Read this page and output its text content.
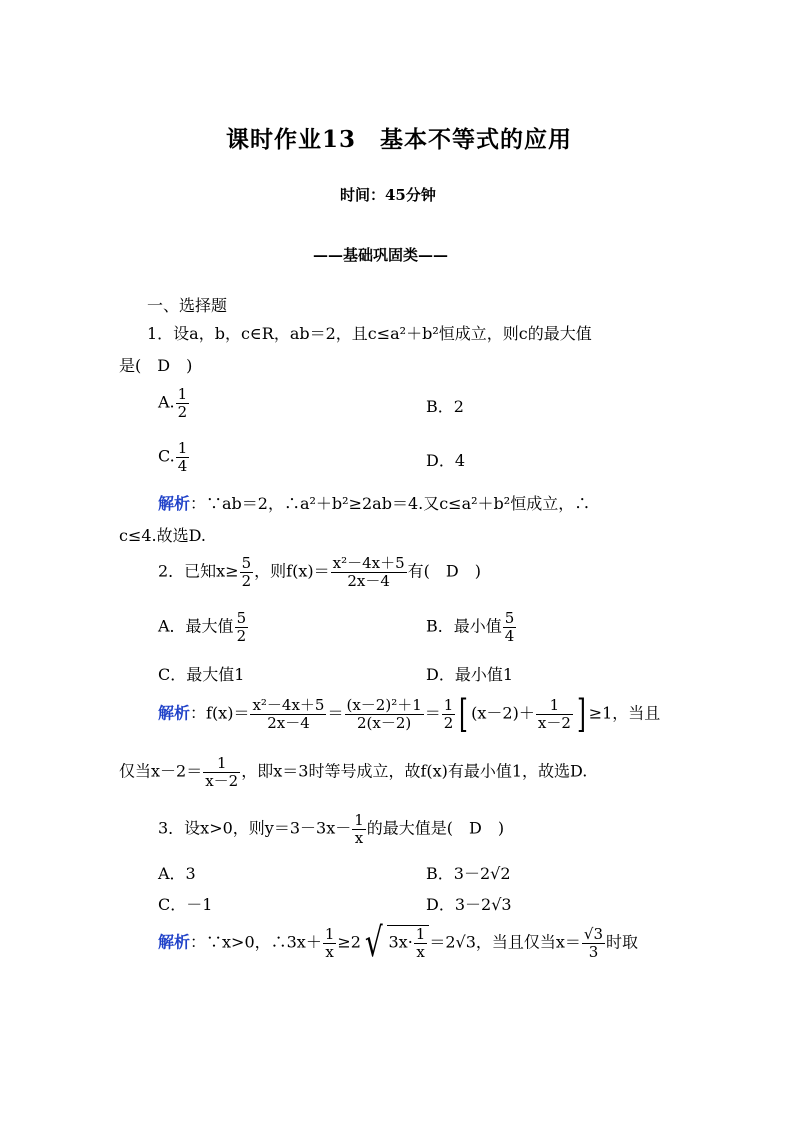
课时作业13　基本不等式的应用
时间：45分钟
——基础巩固类——
一、选择题
1．设a，b，c∈R，ab＝2，且c≤a²＋b²恒成立，则c的最大值
是(　D　)
A. $\frac{1}{2}$	B．2
C. $\frac{1}{4}$	D．4
解析：∵ab＝2，∴a²＋b²≥2ab＝4.又c≤a²＋b²恒成立，∴
c≤4.故选D.
2．已知$x\ge \frac{5}{2}$ ，则$f(x)= \frac{\text{x²－4x＋5}}{2x-4}$ 有(　D　)
A．最大值 $\frac{5}{2}$	B．最小值 $\frac{5}{4}$
C．最大值1	D．最小值1
解析：$f(x)= \frac{\text{x²－4x＋5}}{2x-4} = \frac{\text{(x－2)²＋1}}{2(x-2)} = \frac{1}{2}$ [ $(x-2)+ \frac{1}{x-2}$ ] ≥1，当且
仅当$x-2= \frac{1}{x-2}$ ，即x＝3时等号成立，故f(x)有最小值1，故选D.
3．设x>0，则$y=3-3x- \frac{1}{x}$ 的最大值是(　D　)
A．3	B．3－2√2
C．－1	D．3－2√3
解析：∵x>0，∴3x＋ $\frac{1}{x} \ge 2√$ $3x\cdot \frac{1}{x} =2√3$，当且仅当$x= \frac{√3}{3}$ 时取
